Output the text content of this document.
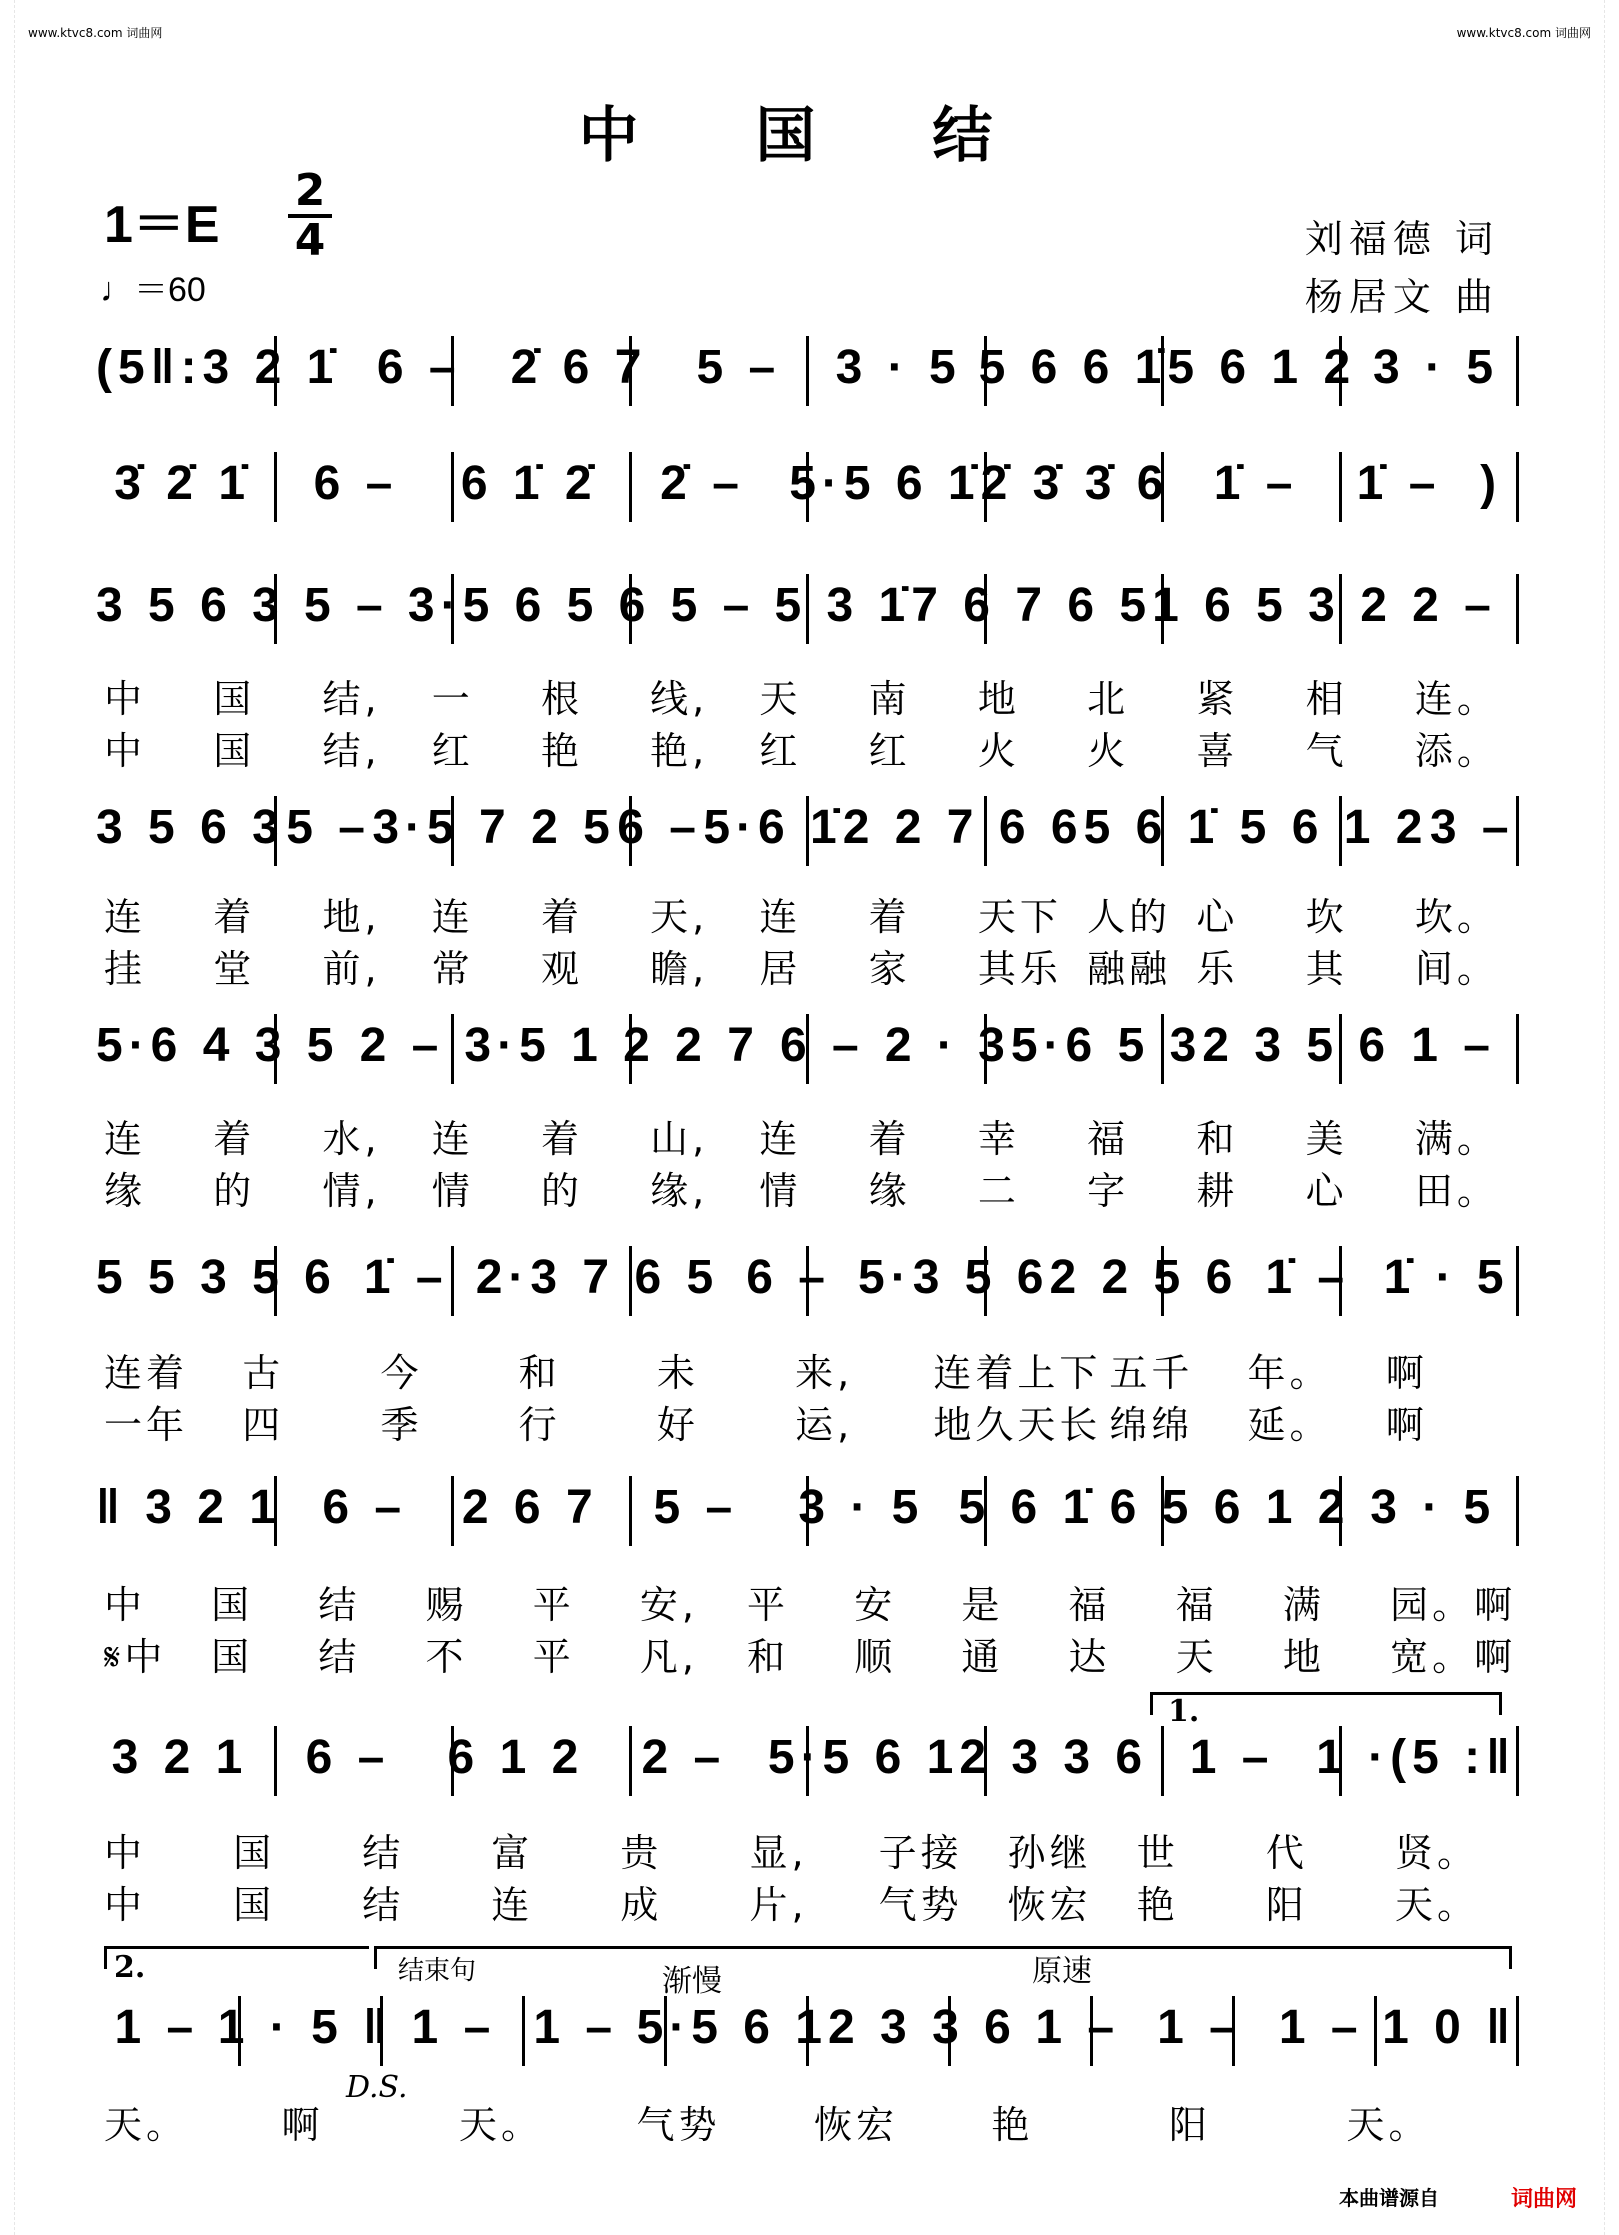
www.ktvc8.com 词曲网	www.ktvc8.com 词曲网
中 国 结
1＝E
2
4
♩＝60
刘福德 词
杨居文 曲
(5‖:3 2 1̇ 6 –	2̇ 6 7	5 –	3 · 5 5 6 6 1̇ 5 6 1 2 3 · 5
3̇ 2̇ 1̇	6 –	6 1̇ 2̇	2̇ – 5·5 6 1̇ 2̇ 3̇ 3̇ 6 1̇ –	1̇ –  )
3 5 6 3 5 – 3·5 6 5 6 5 – 5 3 1̇ 7 6 7 6 5 1 6 5 3 2 2 –
3 5 6 3 5 – 3·5 7 2 5 6 – 5·6 1̇ 2 2 7 6 6 5 6 1̇ 5 6 1 2 3 –
5·6 4 3 5 2 – 3·5 1 2 2 7 6 – 2 · 3 5·6 5 3 2 3 5 6 1 –
5 5 3 5 6 1̇ – 2·3 7 6 5 6 – 5·3 5 6 2 2 5 6 1̇ – 1̇ · 5
‖ 3 2 1 6 –	2 6 7	5 –	3 · 5 5 6 1̇ 6 5 6 1 2 3 · 5
3 2 1	6 –	6 1 2	2 – 5·5 6 1 2 3 3 6 1 – 1 ·(5 :‖
1 – 1 · 5 ‖ 1 – 1 – 5·5 6 1 2 3 3 6 1 – 1 – 1 – 1 0 ‖
中	国	结,	一	根	线,	天	南	地	北	紧	相	连。
中	国	结,	红	艳	艳,	红	红	火	火	喜	气	添。
连	着	地,	连	着	天,	连	着	天下 人的 心	坎	坎。
挂	堂	前,	常	观	瞻,	居	家	其乐 融融 乐	其	间。
连	着	水,	连	着	山,	连	着	幸	福	和	美	满。
缘	的	情,	情	的	缘,	情	缘	二	字	耕	心	田。
连着	古	今	和	未	来,	连着上下 五千	年。	啊
一年	四	季	行	好	运,	地久天长 绵绵	延。	啊
中	国	结	赐	平	安,	平	安	是	福	福	满	园。啊
𝄋中	国	结	不	平	凡,	和	顺	通	达	天	地	宽。啊
中	国	结	富	贵	显,	子接	孙继	世	代	贤。
中	国	结	连	成	片,	气势	恢宏	艳	阳	天。
天。	啊	天。	气势	恢宏	艳	阳	天。
1.
2.	结束句	渐慢	原速
D.S.
本曲谱源自	词曲网
